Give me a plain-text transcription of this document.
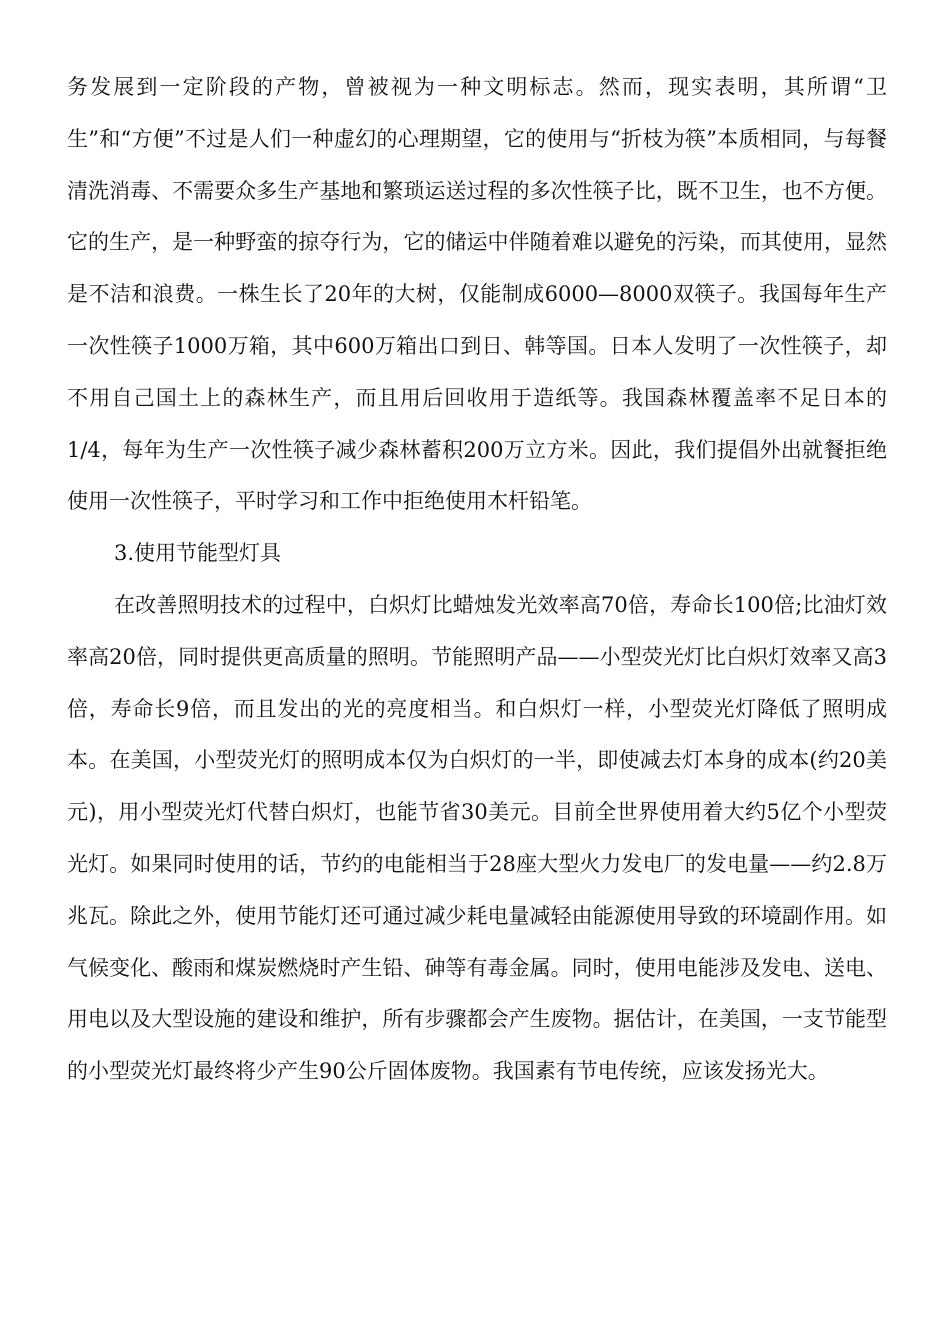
务发展到一定阶段的产物，曾被视为一种文明标志。然而，现实表明，其所谓“卫生”和“方便”不过是人们一种虚幻的心理期望，它的使用与“折枝为筷”本质相同，与每餐清洗消毒、不需要众多生产基地和繁琐运送过程的多次性筷子比，既不卫生，也不方便。它的生产，是一种野蛮的掠夺行为，它的储运中伴随着难以避免的污染，而其使用，显然是不洁和浪费。一株生长了20年的大树，仅能制成6000—8000双筷子。我国每年生产一次性筷子1000万箱，其中600万箱出口到日、韩等国。日本人发明了一次性筷子，却不用自己国土上的森林生产，而且用后回收用于造纸等。我国森林覆盖率不足日本的1/4，每年为生产一次性筷子减少森林蓄积200万立方米。因此，我们提倡外出就餐拒绝使用一次性筷子，平时学习和工作中拒绝使用木杆铅笔。

3.使用节能型灯具

在改善照明技术的过程中，白炽灯比蜡烛发光效率高70倍，寿命长100倍;比油灯效率高20倍，同时提供更高质量的照明。节能照明产品——小型荧光灯比白炽灯效率又高3倍，寿命长9倍，而且发出的光的亮度相当。和白炽灯一样，小型荧光灯降低了照明成本。在美国，小型荧光灯的照明成本仅为白炽灯的一半，即使减去灯本身的成本(约20美元)，用小型荧光灯代替白炽灯，也能节省30美元。目前全世界使用着大约5亿个小型荧光灯。如果同时使用的话，节约的电能相当于28座大型火力发电厂的发电量——约2.8万兆瓦。除此之外，使用节能灯还可通过减少耗电量减轻由能源使用导致的环境副作用。如气候变化、酸雨和煤炭燃烧时产生铅、砷等有毒金属。同时，使用电能涉及发电、送电、用电以及大型设施的建设和维护，所有步骤都会产生废物。据估计，在美国，一支节能型的小型荧光灯最终将少产生90公斤固体废物。我国素有节电传统，应该发扬光大。
